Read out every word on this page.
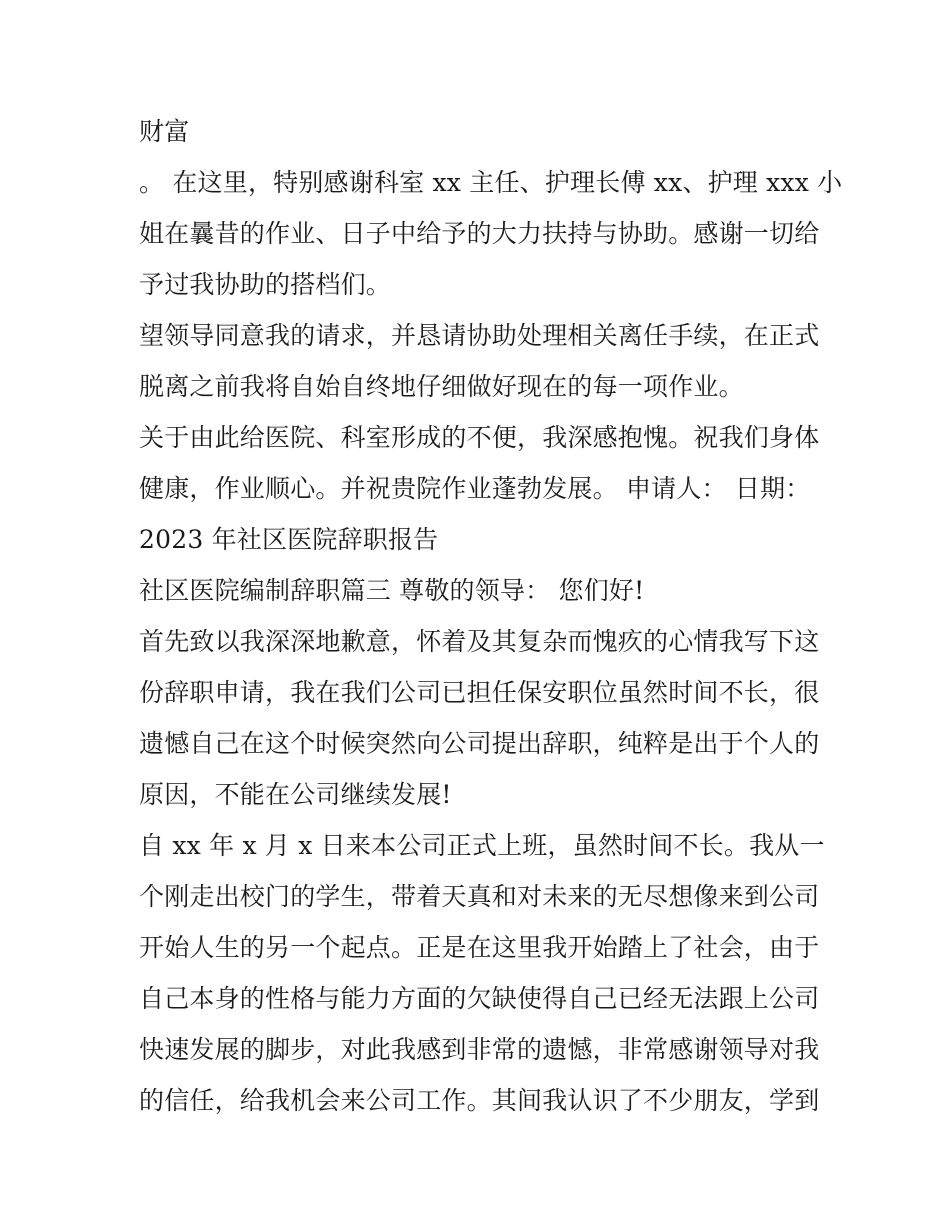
财富
。 在这里，特别感谢科室 xx 主任、护理长傅 xx、护理 xxx 小
姐在曩昔的作业、日子中给予的大力扶持与协助。感谢一切给
予过我协助的搭档们。
望领导同意我的请求，并恳请协助处理相关离任手续，在正式
脱离之前我将自始自终地仔细做好现在的每一项作业。
关于由此给医院、科室形成的不便，我深感抱愧。祝我们身体
健康，作业顺心。并祝贵院作业蓬勃发展。 申请人： 日期：
2023 年社区医院辞职报告
社区医院编制辞职篇三 尊敬的领导： 您们好!
首先致以我深深地歉意，怀着及其复杂而愧疚的心情我写下这
份辞职申请，我在我们公司已担任保安职位虽然时间不长，很
遗憾自己在这个时候突然向公司提出辞职，纯粹是出于个人的
原因，不能在公司继续发展!
自 xx 年 x 月 x 日来本公司正式上班，虽然时间不长。我从一
个刚走出校门的学生，带着天真和对未来的无尽想像来到公司
开始人生的另一个起点。正是在这里我开始踏上了社会，由于
自己本身的性格与能力方面的欠缺使得自己已经无法跟上公司
快速发展的脚步，对此我感到非常的遗憾，非常感谢领导对我
的信任，给我机会来公司工作。其间我认识了不少朋友，学到
